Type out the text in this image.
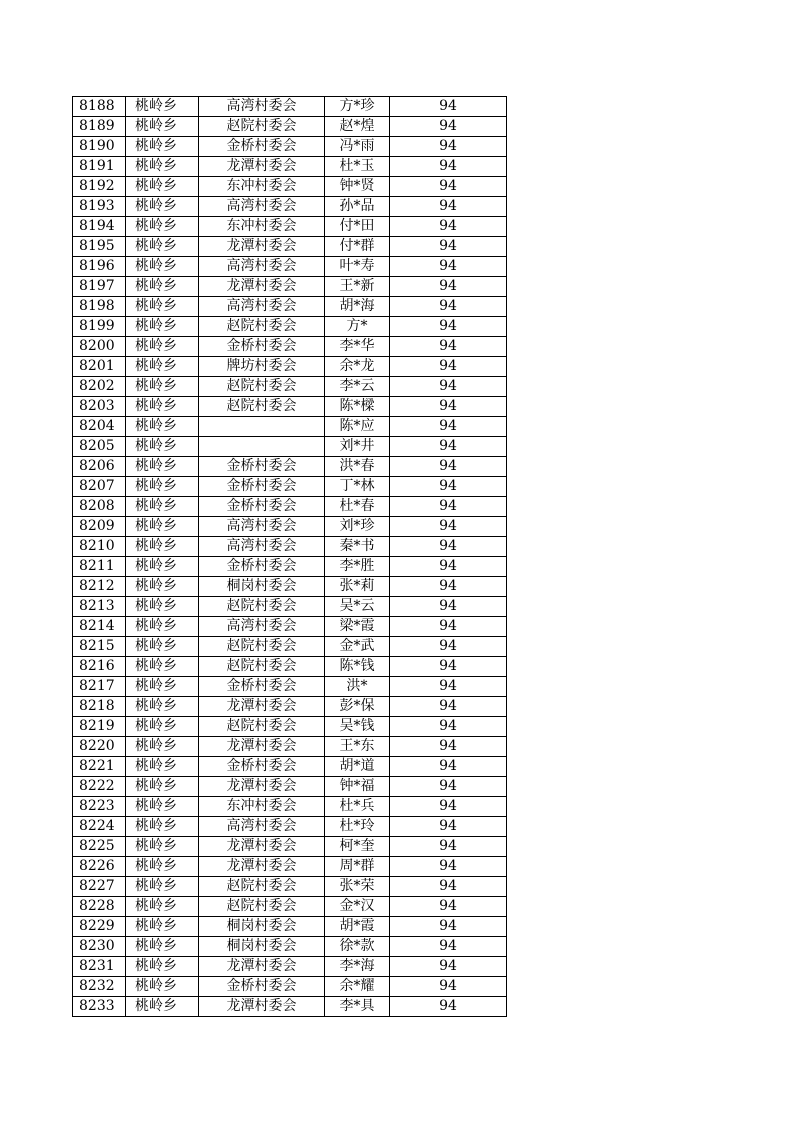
8188	桃岭乡	高湾村委会	方*珍	94
8189	桃岭乡	赵院村委会	赵*煌	94
8190	桃岭乡	金桥村委会	冯*雨	94
8191	桃岭乡	龙潭村委会	杜*玉	94
8192	桃岭乡	东冲村委会	钟*贤	94
8193	桃岭乡	高湾村委会	孙*品	94
8194	桃岭乡	东冲村委会	付*田	94
8195	桃岭乡	龙潭村委会	付*群	94
8196	桃岭乡	高湾村委会	叶*寿	94
8197	桃岭乡	龙潭村委会	王*新	94
8198	桃岭乡	高湾村委会	胡*海	94
8199	桃岭乡	赵院村委会	方*	94
8200	桃岭乡	金桥村委会	李*华	94
8201	桃岭乡	牌坊村委会	余*龙	94
8202	桃岭乡	赵院村委会	李*云	94
8203	桃岭乡	赵院村委会	陈*樑	94
8204	桃岭乡		陈*应	94
8205	桃岭乡		刘*井	94
8206	桃岭乡	金桥村委会	洪*春	94
8207	桃岭乡	金桥村委会	丁*林	94
8208	桃岭乡	金桥村委会	杜*春	94
8209	桃岭乡	高湾村委会	刘*珍	94
8210	桃岭乡	高湾村委会	秦*书	94
8211	桃岭乡	金桥村委会	李*胜	94
8212	桃岭乡	桐岗村委会	张*莉	94
8213	桃岭乡	赵院村委会	吴*云	94
8214	桃岭乡	高湾村委会	梁*霞	94
8215	桃岭乡	赵院村委会	金*武	94
8216	桃岭乡	赵院村委会	陈*钱	94
8217	桃岭乡	金桥村委会	洪*	94
8218	桃岭乡	龙潭村委会	彭*保	94
8219	桃岭乡	赵院村委会	吴*钱	94
8220	桃岭乡	龙潭村委会	王*东	94
8221	桃岭乡	金桥村委会	胡*道	94
8222	桃岭乡	龙潭村委会	钟*福	94
8223	桃岭乡	东冲村委会	杜*兵	94
8224	桃岭乡	高湾村委会	杜*玲	94
8225	桃岭乡	龙潭村委会	柯*奎	94
8226	桃岭乡	龙潭村委会	周*群	94
8227	桃岭乡	赵院村委会	张*荣	94
8228	桃岭乡	赵院村委会	金*汉	94
8229	桃岭乡	桐岗村委会	胡*霞	94
8230	桃岭乡	桐岗村委会	徐*款	94
8231	桃岭乡	龙潭村委会	李*海	94
8232	桃岭乡	金桥村委会	余*耀	94
8233	桃岭乡	龙潭村委会	李*具	94
